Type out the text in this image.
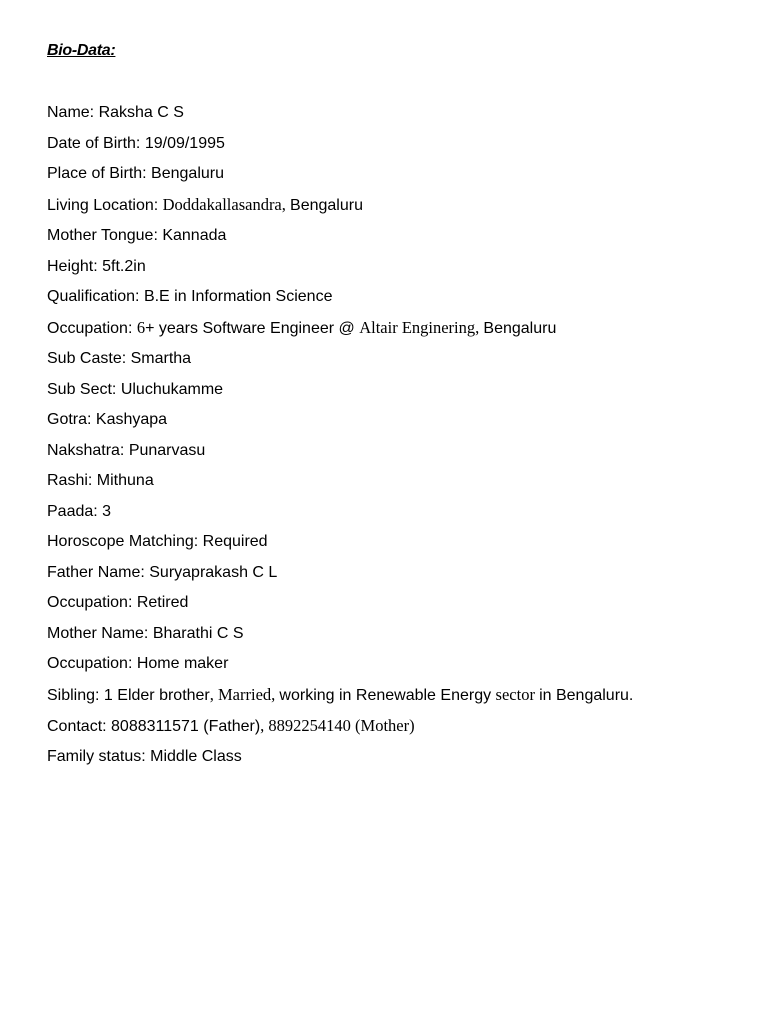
Bio-Data:
Name: Raksha C S
Date of Birth: 19/09/1995
Place of Birth: Bengaluru
Living Location: Doddakallasandra, Bengaluru
Mother Tongue: Kannada
Height: 5ft.2in
Qualification: B.E in Information Science
Occupation: 6+ years Software Engineer @ Altair Enginering, Bengaluru
Sub Caste: Smartha
Sub Sect: Uluchukamme
Gotra: Kashyapa
Nakshatra: Punarvasu
Rashi: Mithuna
Paada: 3
Horoscope Matching: Required
Father Name: Suryaprakash C L
Occupation: Retired
Mother Name: Bharathi C S
Occupation: Home maker
Sibling: 1 Elder brother, Married, working in Renewable Energy sector in Bengaluru.
Contact: 8088311571 (Father), 8892254140 (Mother)
Family status: Middle Class
